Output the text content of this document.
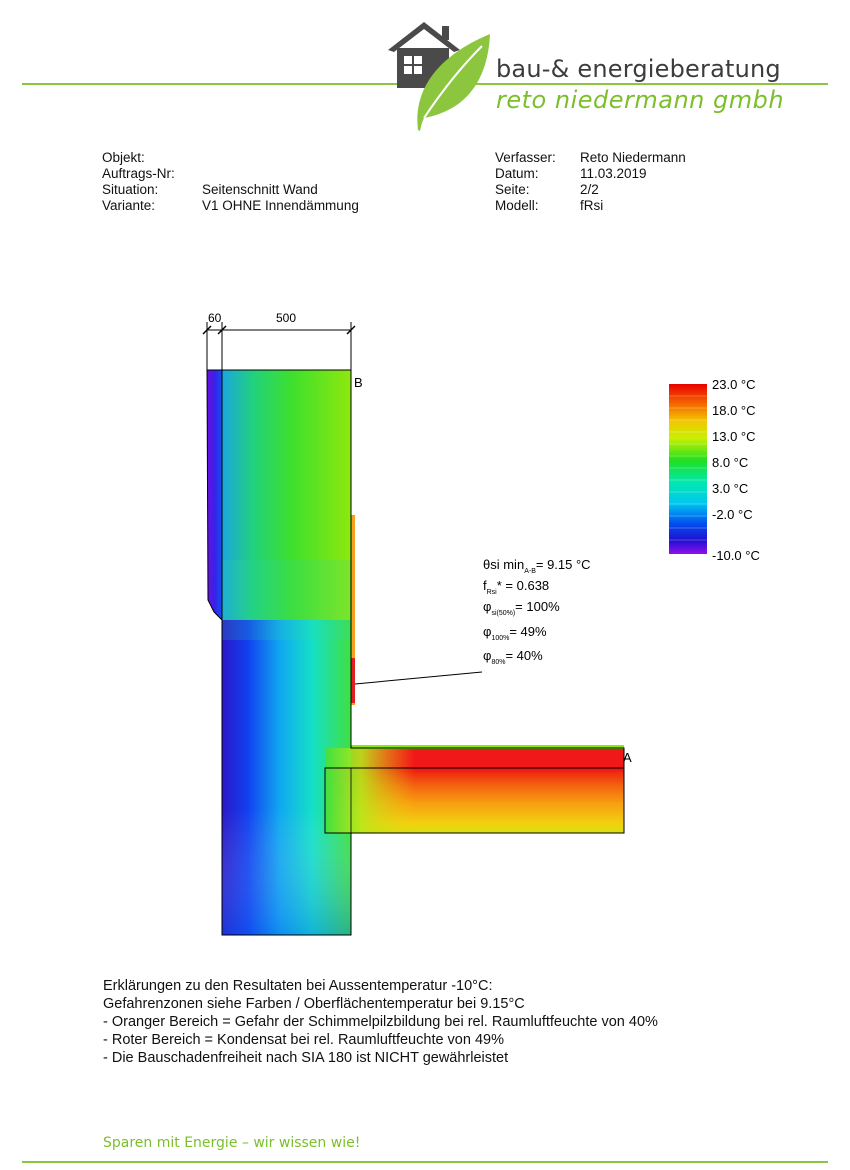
bau-& energieberatung
reto niedermann gmbh
Objekt:
Auftrags-Nr:
Situation:	Seitenschnitt Wand
Variante:	V1 OHNE Innendämmung
Verfasser:	Reto Niedermann
Datum:	11.03.2019
Seite:	2/2
Modell:	fRsi
60	500
B
A
θsi $\min_{A-B}= 9.15$ °C
$f_{Rsi}* = 0.638$
$\varphi_{si(50\%)}= 100\%$
$\varphi_{100\%}= 49\%$
$\varphi_{80\%}= 40\%$
23.0 °C
18.0 °C
13.0 °C
8.0 °C
3.0 °C
-2.0 °C
-10.0 °C
Erklärungen zu den Resultaten bei Aussentemperatur -10°C:
Gefahrenzonen siehe Farben / Oberflächentemperatur bei 9.15°C
- Oranger Bereich = Gefahr der Schimmelpilzbildung bei rel. Raumluftfeuchte von 40%
- Roter Bereich = Kondensat bei rel. Raumluftfeuchte von 49%
- Die Bauschadenfreiheit nach SIA 180 ist NICHT gewährleistet
Sparen mit Energie – wir wissen wie!
